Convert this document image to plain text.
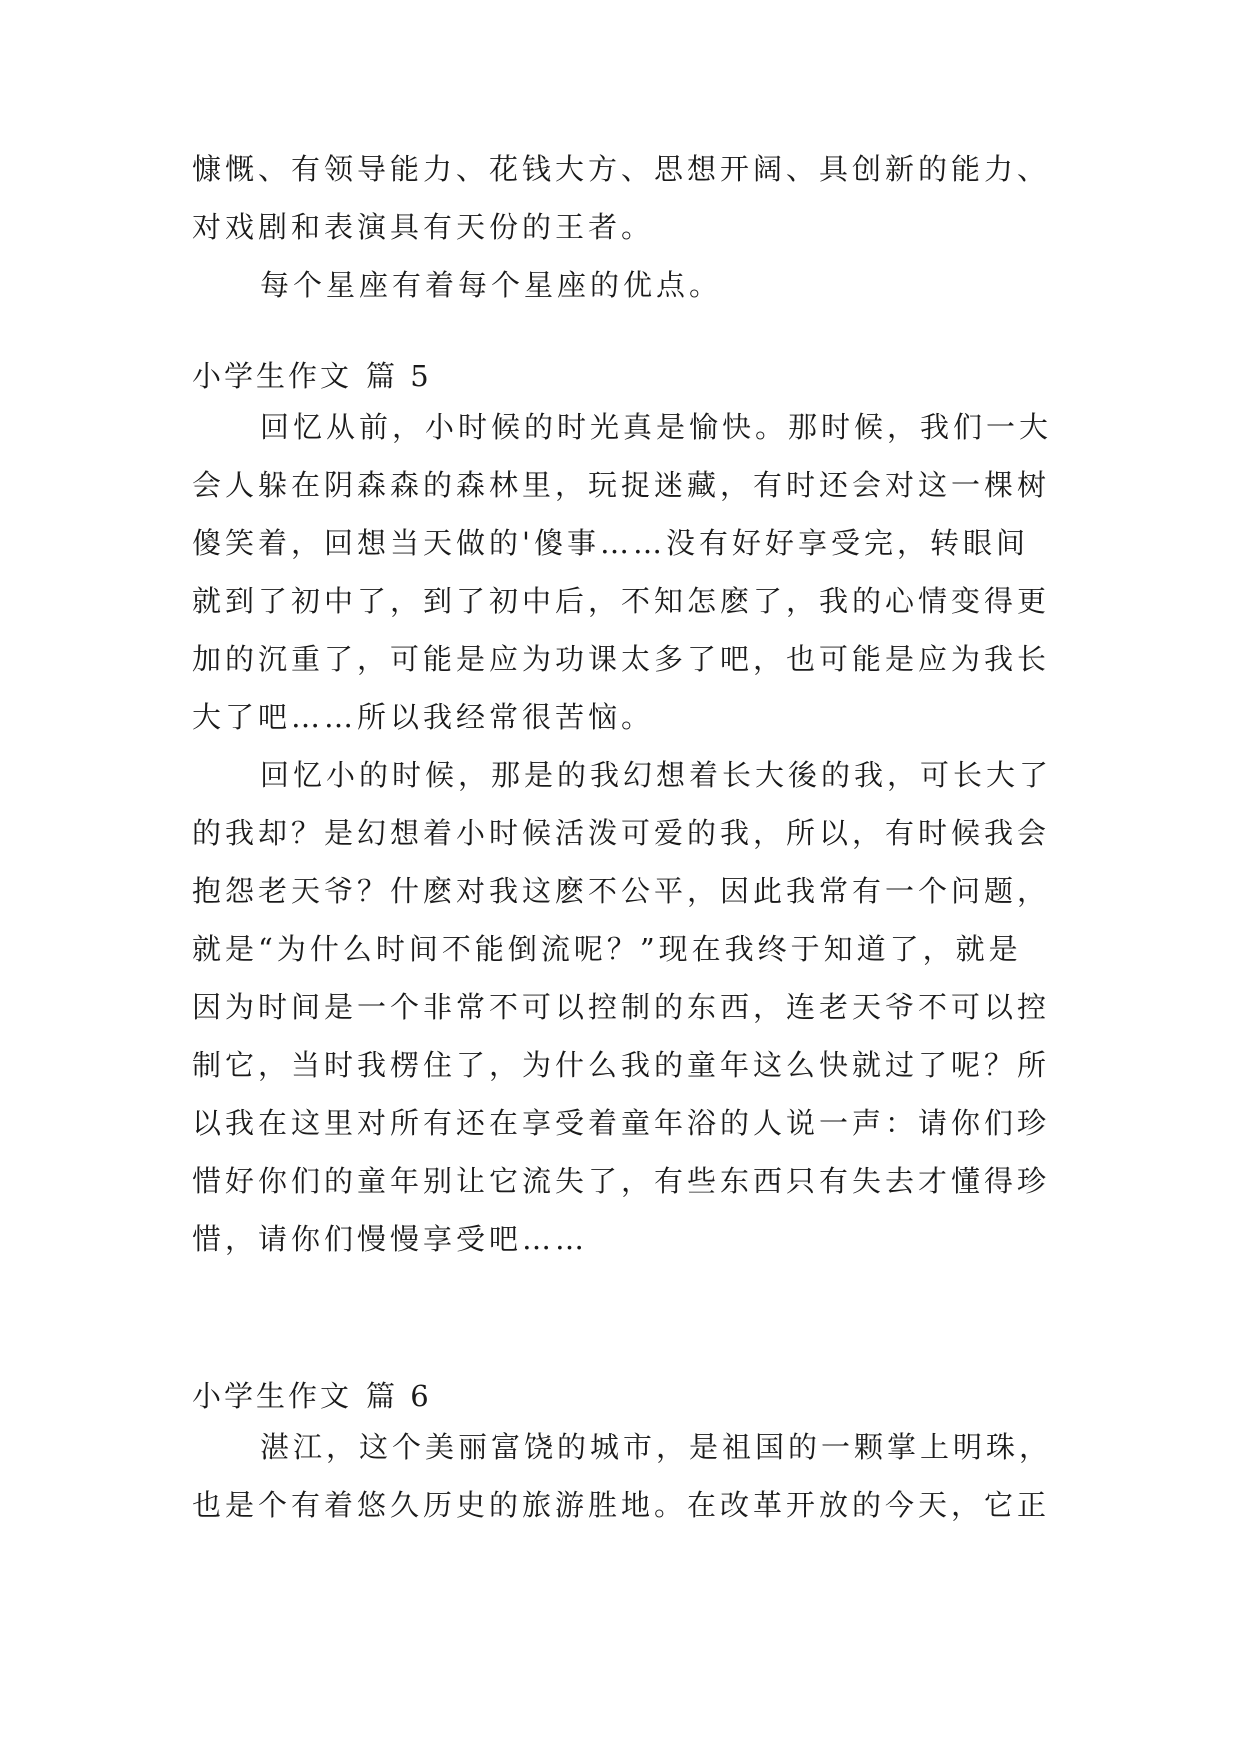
慷慨、有领导能力、花钱大方、思想开阔、具创新的能力、
对戏剧和表演具有天份的王者。
每个星座有着每个星座的优点。
小学生作文 篇 5
回忆从前，小时候的时光真是愉快。那时候，我们一大
会人躲在阴森森的森林里，玩捉迷藏，有时还会对这一棵树
傻笑着，回想当天做的'傻事……没有好好享受完，转眼间
就到了初中了，到了初中后，不知怎麽了，我的心情变得更
加的沉重了，可能是应为功课太多了吧，也可能是应为我长
大了吧……所以我经常很苦恼。
回忆小的时候，那是的我幻想着长大後的我，可长大了
的我却？是幻想着小时候活泼可爱的我，所以，有时候我会
抱怨老天爷？什麽对我这麽不公平，因此我常有一个问题，
就是“为什么时间不能倒流呢？”现在我终于知道了，就是
因为时间是一个非常不可以控制的东西，连老天爷不可以控
制它，当时我楞住了，为什么我的童年这么快就过了呢？所
以我在这里对所有还在享受着童年浴的人说一声：请你们珍
惜好你们的童年别让它流失了，有些东西只有失去才懂得珍
惜，请你们慢慢享受吧……
小学生作文 篇 6
湛江，这个美丽富饶的城市，是祖国的一颗掌上明珠，
也是个有着悠久历史的旅游胜地。在改革开放的今天，它正
